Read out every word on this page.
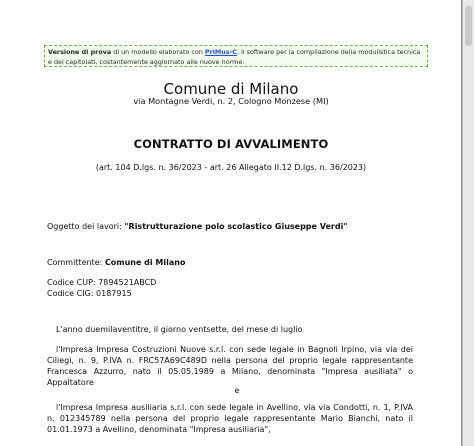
Versione di prova di un modello elaborato con PriMus-C, il software per la compilazione della modulistica tecnica e dei capitolati, costantemente aggiornato alle nuove norme.
Comune di Milano
via Montagne Verdi, n. 2, Cologno Monzese (MI)
CONTRATTO DI AVVALIMENTO
(art. 104 D.lgs. n. 36/2023 - art. 26 Allegato II.12 D.lgs. n. 36/2023)
Oggetto dei lavori: "Ristrutturazione polo scolastico Giuseppe Verdi"
Committente: Comune di Milano
Codice CUP: 7894521ABCD
Codice CIG: 0187915
L'anno duemilaventitre, il giorno ventsette, del mese di luglio
l'Impresa Impresa Costruzioni Nuove s.r.l. con sede legale in Bagnoli Irpino, via via dei Ciliegi, n. 9, P.IVA n. FRC57A69C489D nella persona del proprio legale rappresentante Francesca Azzurro, nato il 05.05.1989 a Milano, denominata "Impresa ausiliata" o Appaltatore
e
l'Impresa Impresa ausiliaria s.r.l. con sede legale in Avellino, via via Condotti, n. 1, P.IVA n. 012345789 nella persona del proprio legale rappresentante Mario Bianchi, nato il 01.01.1973 a Avellino, denominata "Impresa ausiliaria",
